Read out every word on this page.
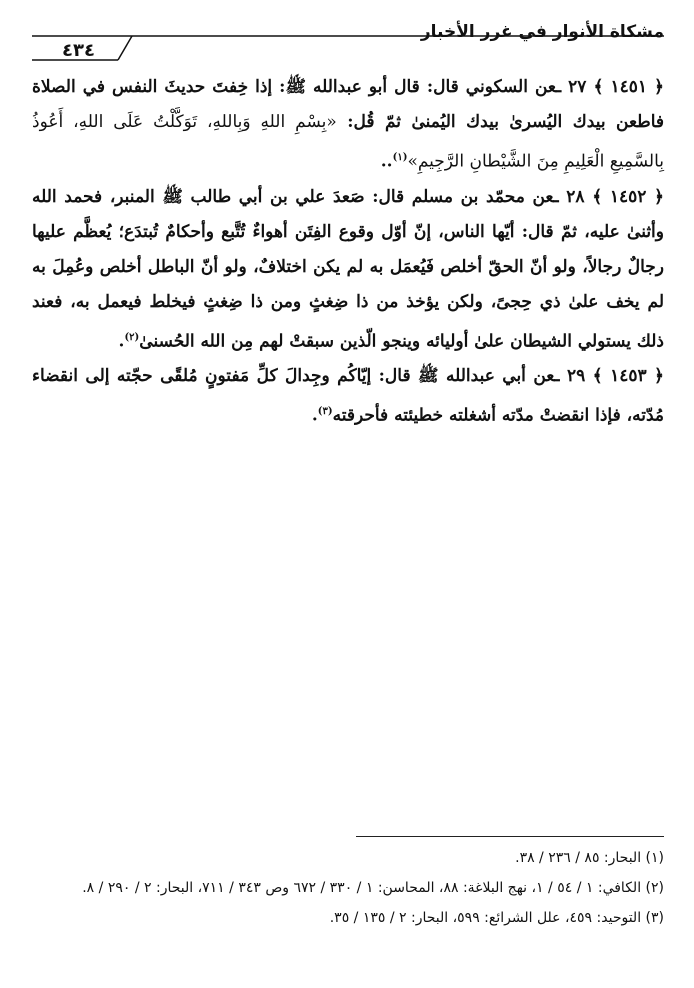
مشكاة الأنوار في غرر الأخبار
٤٣٤

﴿ ١٤٥١ ﴾ ٢٧ ـعن السكوني قال: قال أبو عبدالله ﷺ: إذا خِفتَ حديثَ النفس في الصلاة فاطعن بيدك اليُسرىٰ بيدك اليُمنىٰ ثمّ قُل: «بِسْمِ اللهِ وَبِاللهِ، تَوَكَّلْتُ عَلَى اللهِ، أَعُوذُ بِالسَّمِيعِ الْعَلِيمِ مِنَ الشَّيْطانِ الرَّجِيمِ»$^{(١)}$..

﴿ ١٤٥٢ ﴾ ٢٨ ـعن محمّد بن مسلم قال: صَعدَ علي بن أبي طالب ﷺ المنبر، فحمد الله وأثنىٰ عليه، ثمّ قال: أيّها الناس، إنّ أوّل وقوع الفِتَن أهواءٌ تُتَّبع وأحكامٌ تُبتدَع؛ يُعظَّم عليها رجالٌ رجالاً، ولو أنّ الحقّ أخلص فَيُعمَل به لم يكن اختلافٌ، ولو أنّ الباطل أخلص وعُمِلَ به لم يخف علىٰ ذي حِجىً، ولكن يؤخذ من ذا ضِغثٍ ومن ذا ضِغثٍ فيخلط فيعمل به، فعند ذلك يستولي الشيطان علىٰ أوليائه وينجو الّذين سبقتْ لهم مِن الله الحُسنىٰ$^{(٢)}$.

﴿ ١٤٥٣ ﴾ ٢٩ ـعن أبي عبدالله ﷺ قال: إيّاكُم وجِدالَ كلِّ مَفتونٍ مُلقًى حجّته إلى انقضاء مُدّته، فإذا انقضتْ مدّته أشغلته خطيئته فأحرقته$^{(٣)}$.

(١) البحار: ٨٥ / ٢٣٦ / ٣٨.

(٢) الكافي: ١ / ٥٤ / ١، نهج البلاغة: ٨٨، المحاسن: ١ / ٣٣٠ / ٦٧٢ وص ٣٤٣ / ٧١١، البحار: ٢ / ٢٩٠ / ٨.

(٣) التوحيد: ٤٥٩، علل الشرائع: ٥٩٩، البحار: ٢ / ١٣٥ / ٣٥.
